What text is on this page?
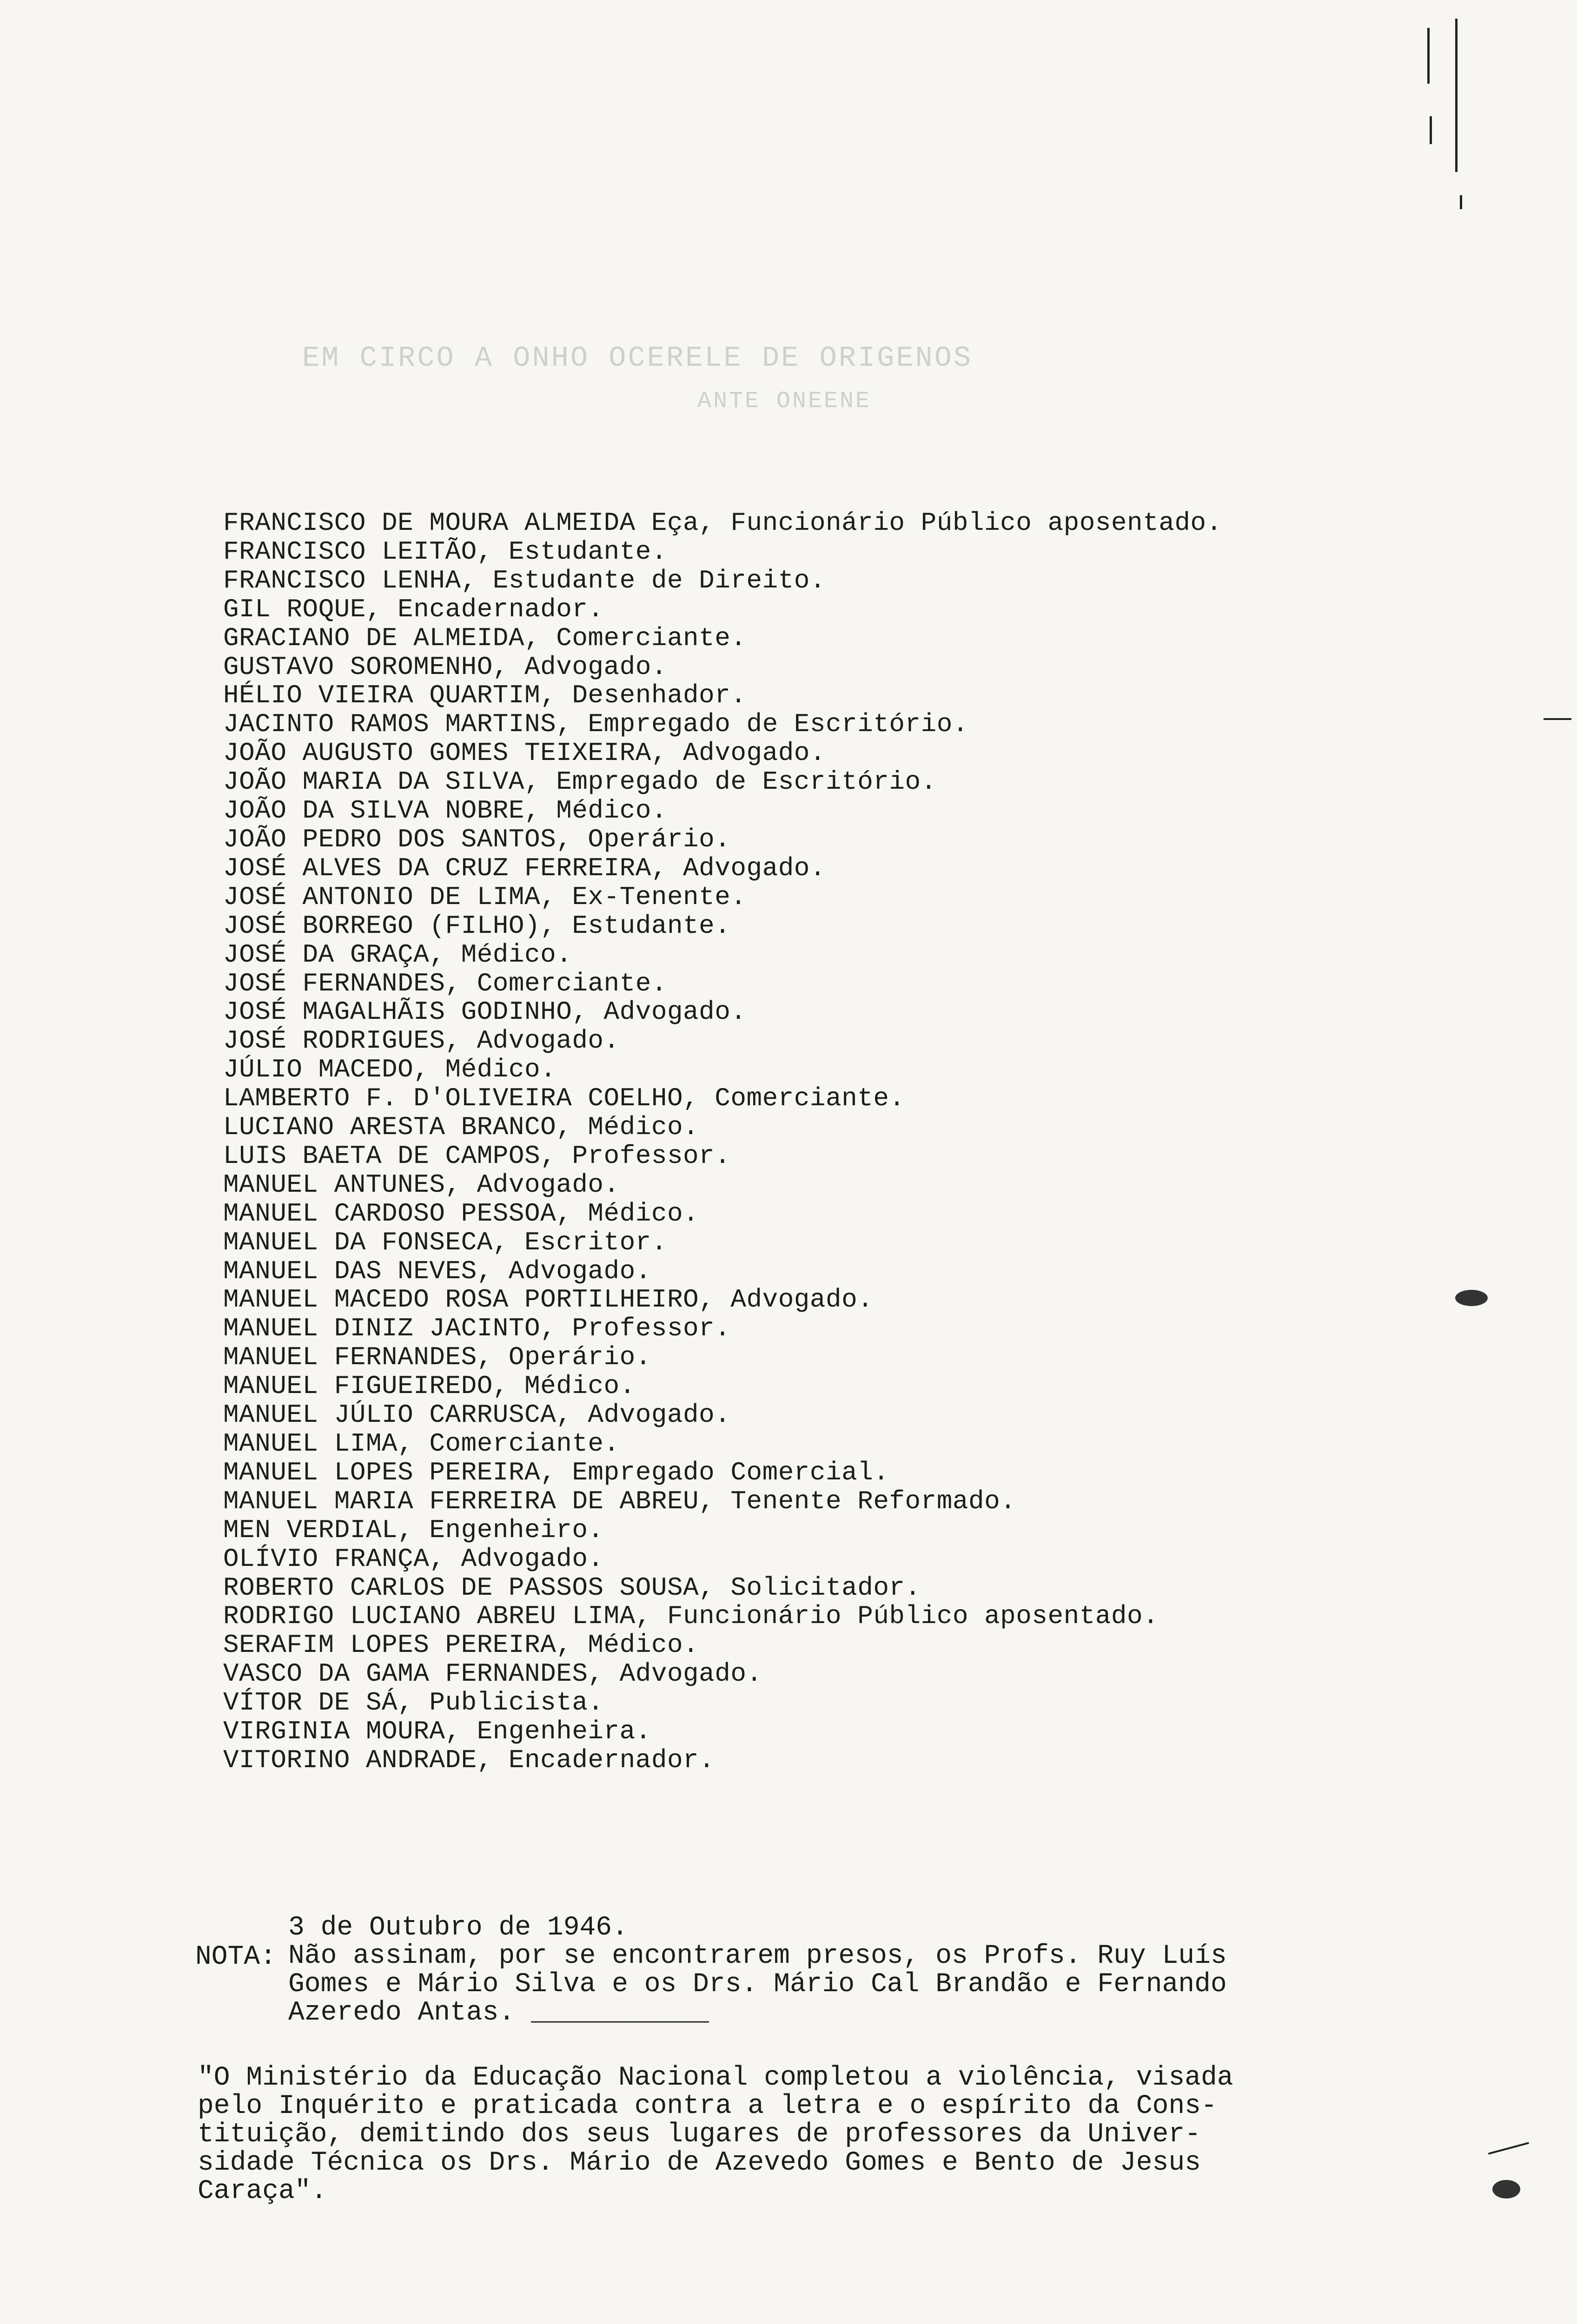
EM CIRCO A ONHO OCERELE DE ORIGENOS
ANTE ONEENE
FRANCISCO DE MOURA ALMEIDA Eça, Funcionário Público aposentado.
FRANCISCO LEITÃO, Estudante.
FRANCISCO LENHA, Estudante de Direito.
GIL ROQUE, Encadernador.
GRACIANO DE ALMEIDA, Comerciante.
GUSTAVO SOROMENHO, Advogado.
HÉLIO VIEIRA QUARTIM, Desenhador.
JACINTO RAMOS MARTINS, Empregado de Escritório.
JOÃO AUGUSTO GOMES TEIXEIRA, Advogado.
JOÃO MARIA DA SILVA, Empregado de Escritório.
JOÃO DA SILVA NOBRE, Médico.
JOÃO PEDRO DOS SANTOS, Operário.
JOSÉ ALVES DA CRUZ FERREIRA, Advogado.
JOSÉ ANTONIO DE LIMA, Ex-Tenente.
JOSÉ BORREGO (FILHO), Estudante.
JOSÉ DA GRAÇA, Médico.
JOSÉ FERNANDES, Comerciante.
JOSÉ MAGALHÃIS GODINHO, Advogado.
JOSÉ RODRIGUES, Advogado.
JÚLIO MACEDO, Médico.
LAMBERTO F. D'OLIVEIRA COELHO, Comerciante.
LUCIANO ARESTA BRANCO, Médico.
LUIS BAETA DE CAMPOS, Professor.
MANUEL ANTUNES, Advogado.
MANUEL CARDOSO PESSOA, Médico.
MANUEL DA FONSECA, Escritor.
MANUEL DAS NEVES, Advogado.
MANUEL MACEDO ROSA PORTILHEIRO, Advogado.
MANUEL DINIZ JACINTO, Professor.
MANUEL FERNANDES, Operário.
MANUEL FIGUEIREDO, Médico.
MANUEL JÚLIO CARRUSCA, Advogado.
MANUEL LIMA, Comerciante.
MANUEL LOPES PEREIRA, Empregado Comercial.
MANUEL MARIA FERREIRA DE ABREU, Tenente Reformado.
MEN VERDIAL, Engenheiro.
OLÍVIO FRANÇA, Advogado.
ROBERTO CARLOS DE PASSOS SOUSA, Solicitador.
RODRIGO LUCIANO ABREU LIMA, Funcionário Público aposentado.
SERAFIM LOPES PEREIRA, Médico.
VASCO DA GAMA FERNANDES, Advogado.
VÍTOR DE SÁ, Publicista.
VIRGINIA MOURA, Engenheira.
VITORINO ANDRADE, Encadernador.
3 de Outubro de 1946.
NOTA: Não assinam, por se encontrarem presos, os Profs. Ruy Luís
Gomes e Mário Silva e os Drs. Mário Cal Brandão e Fernando
Azeredo Antas. ___________
"O Ministério da Educação Nacional completou a violência, visada
pelo Inquérito e praticada contra a letra e o espírito da Cons-
tituição, demitindo dos seus lugares de professores da Univer-
sidade Técnica os Drs. Mário de Azevedo Gomes e Bento de Jesus
Caraça".
